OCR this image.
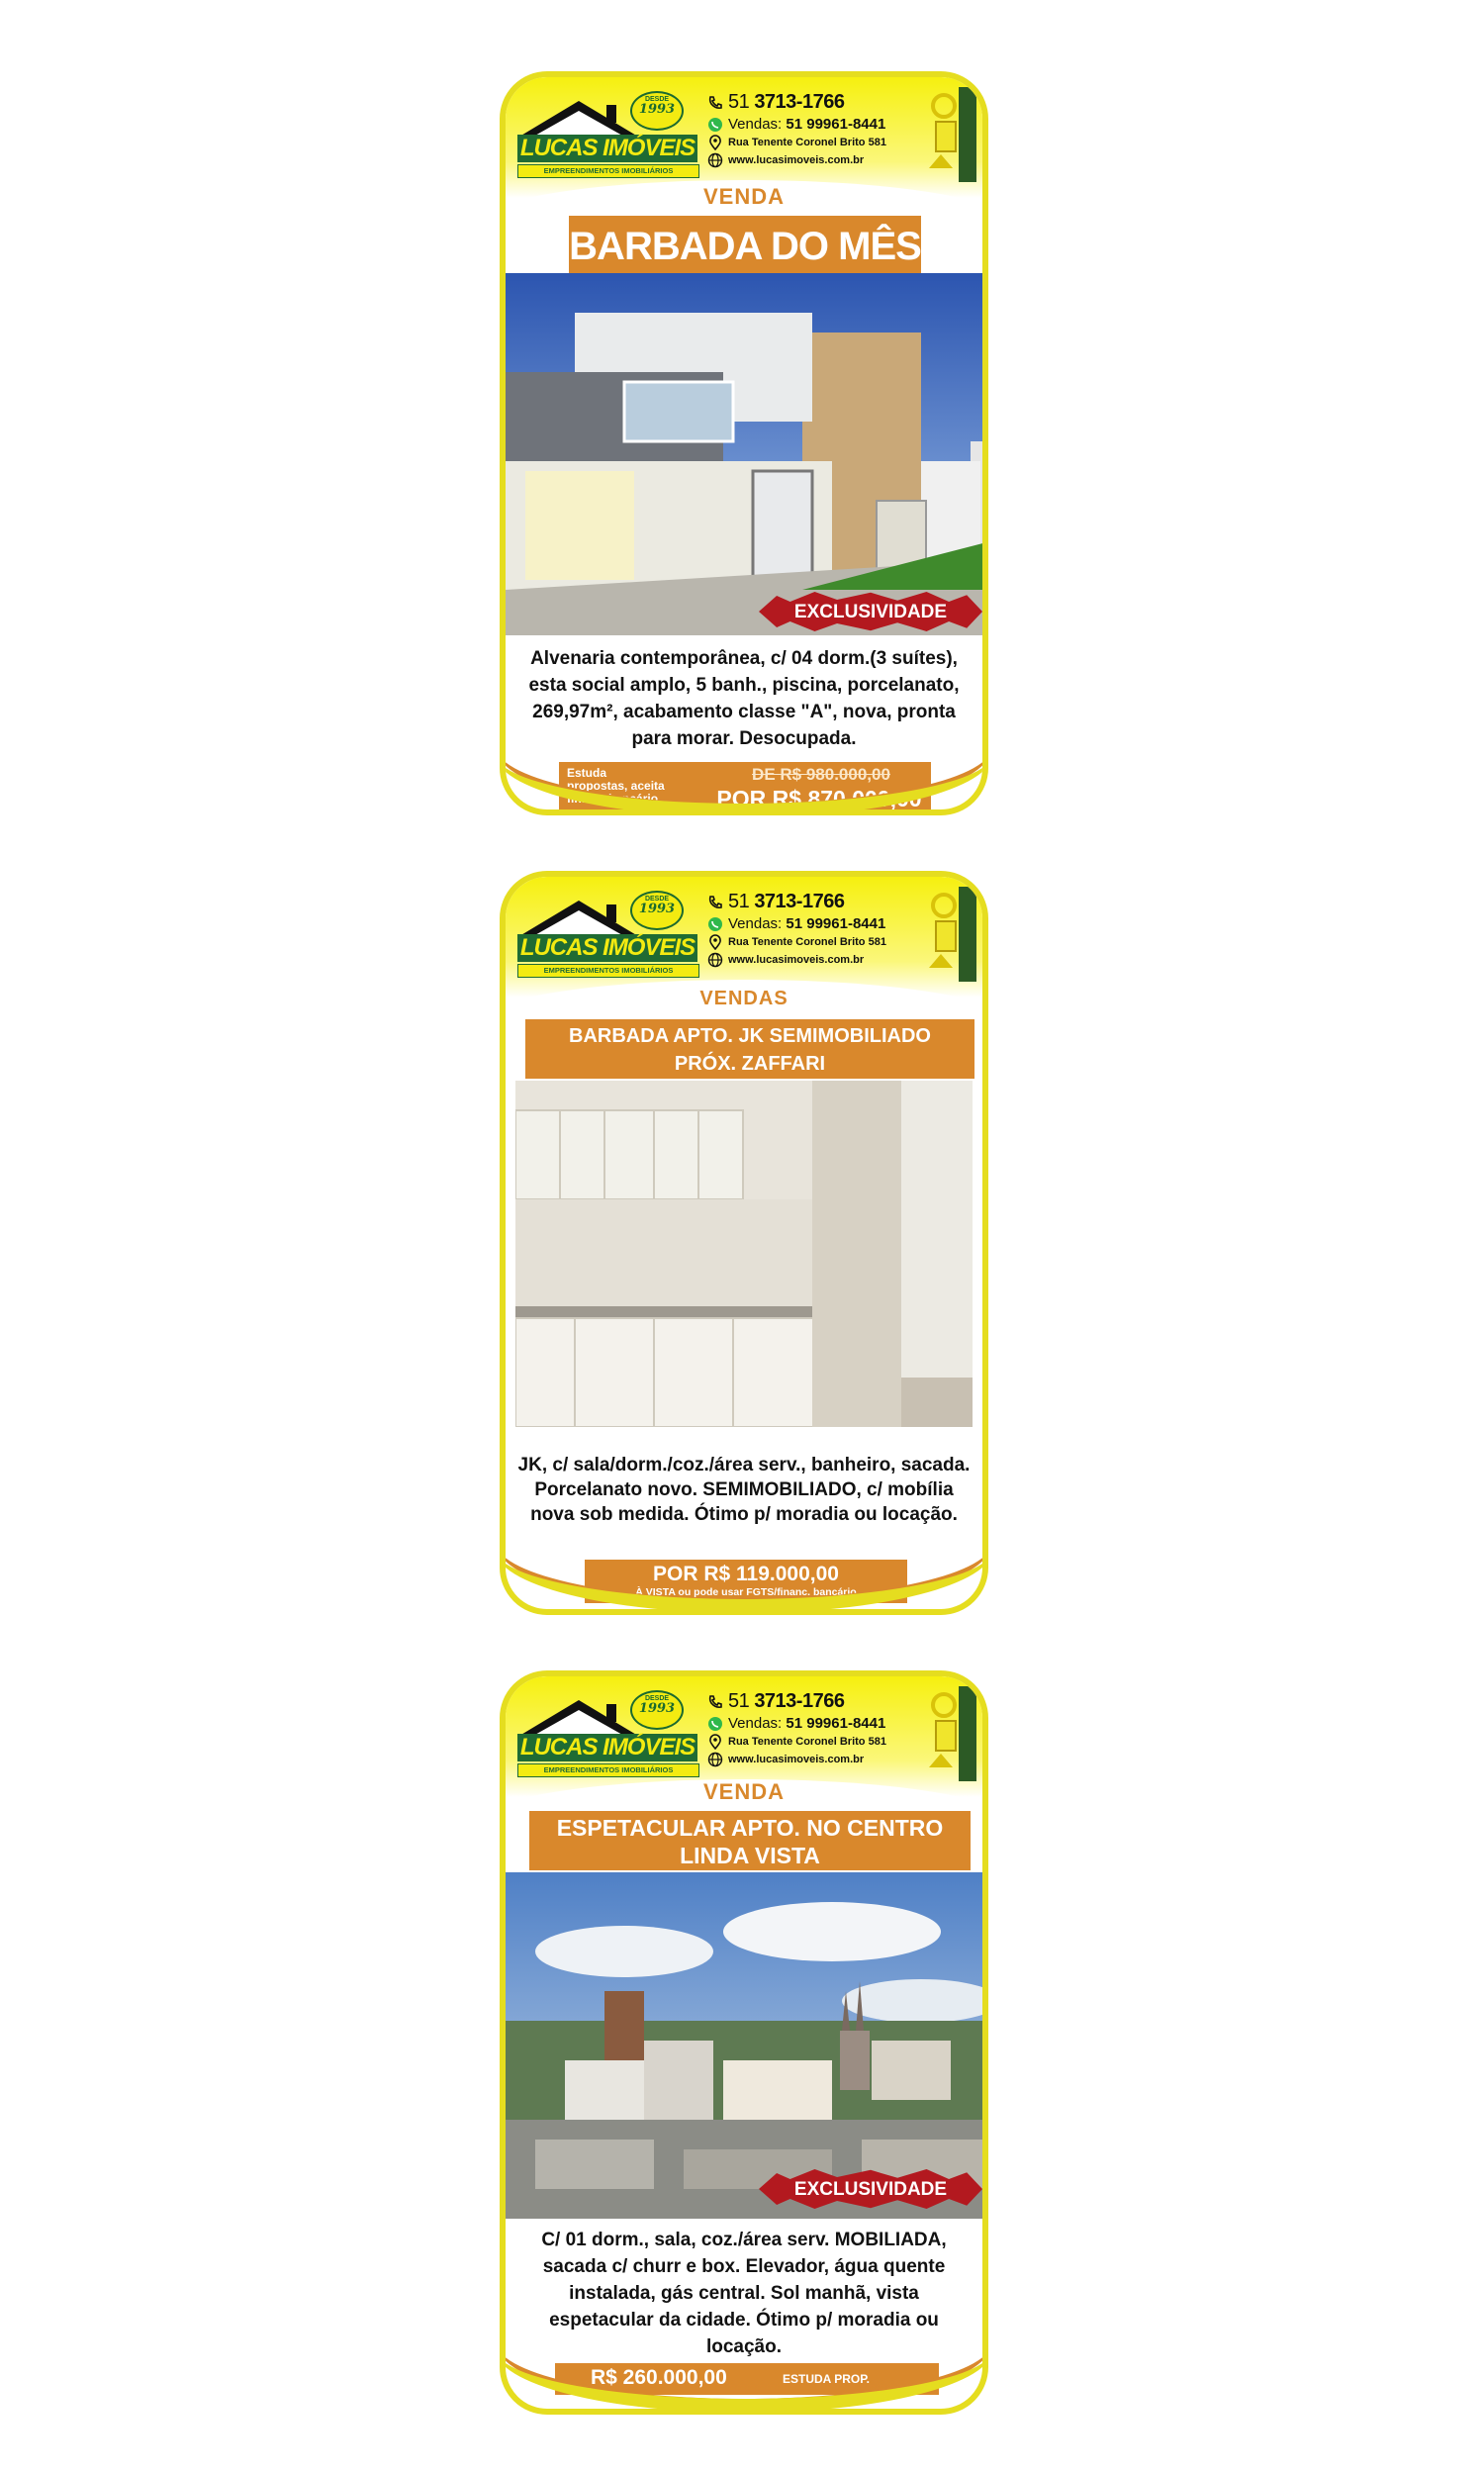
DESDE
1993
LUCAS IMÓVEIS
EMPREENDIMENTOS IMOBILIÁRIOS
51 3713-1766
Vendas: 51 99961-8441
Rua Tenente Coronel Brito 581
www.lucasimoveis.com.br
VENDA
BARBADA DO MÊS
EXCLUSIVIDADE
Alvenaria contemporânea, c/ 04 dorm.(3 suítes), esta social amplo, 5 banh., piscina, porcelanato, 269,97m², acabamento classe "A", nova, pronta para morar. Desocupada.
Estuda propostas, aceita financ. bancário.
DE R$ 980.000,00
POR R$ 870.000,00
DESDE
1993
LUCAS IMÓVEIS
EMPREENDIMENTOS IMOBILIÁRIOS
51 3713-1766
Vendas: 51 99961-8441
Rua Tenente Coronel Brito 581
www.lucasimoveis.com.br
VENDAS
BARBADA APTO. JK SEMIMOBILIADO
PRÓX. ZAFFARI
JK, c/ sala/dorm./coz./área serv., banheiro, sacada. Porcelanato novo. SEMIMOBILIADO, c/ mobília nova sob medida. Ótimo p/ moradia ou locação.
POR R$ 119.000,00
À VISTA ou pode usar FGTS/financ. bancário
DESDE
1993
LUCAS IMÓVEIS
EMPREENDIMENTOS IMOBILIÁRIOS
51 3713-1766
Vendas: 51 99961-8441
Rua Tenente Coronel Brito 581
www.lucasimoveis.com.br
VENDA
ESPETACULAR APTO. NO CENTRO
LINDA VISTA
EXCLUSIVIDADE
C/ 01 dorm., sala, coz./área serv. MOBILIADA, sacada c/ churr e box. Elevador, água quente instalada, gás central. Sol manhã, vista espetacular da cidade. Ótimo p/ moradia ou locação.
R$ 260.000,00	ESTUDA PROP.
